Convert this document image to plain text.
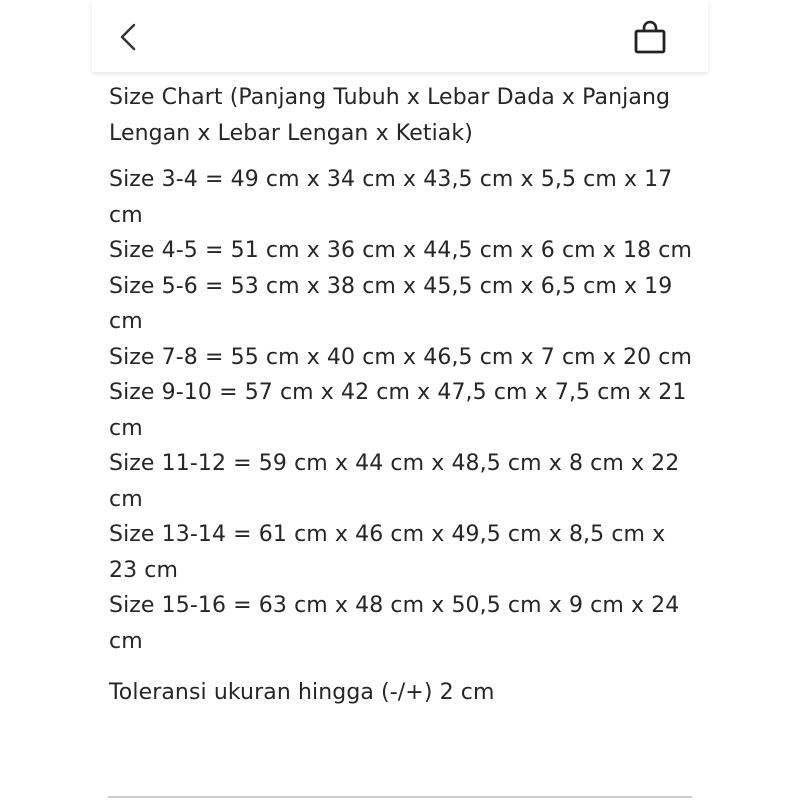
Size Chart (Panjang Tubuh x Lebar Dada x Panjang Lengan x Lebar Lengan x Ketiak)

Size 3-4 = 49 cm x 34 cm x 43,5 cm x 5,5 cm x 17 cm

Size 4-5 = 51 cm x 36 cm x 44,5 cm x 6 cm x 18 cm

Size 5-6 = 53 cm x 38 cm x 45,5 cm x 6,5 cm x 19 cm

Size 7-8 = 55 cm x 40 cm x 46,5 cm x 7 cm x 20 cm

Size 9-10 = 57 cm x 42 cm x 47,5 cm x 7,5 cm x 21 cm

Size 11-12 = 59 cm x 44 cm x 48,5 cm x 8 cm x 22 cm

Size 13-14 = 61 cm x 46 cm x 49,5 cm x 8,5 cm x 23 cm

Size 15-16 = 63 cm x 48 cm x 50,5 cm x 9 cm x 24 cm

Toleransi ukuran hingga (-/+) 2 cm
